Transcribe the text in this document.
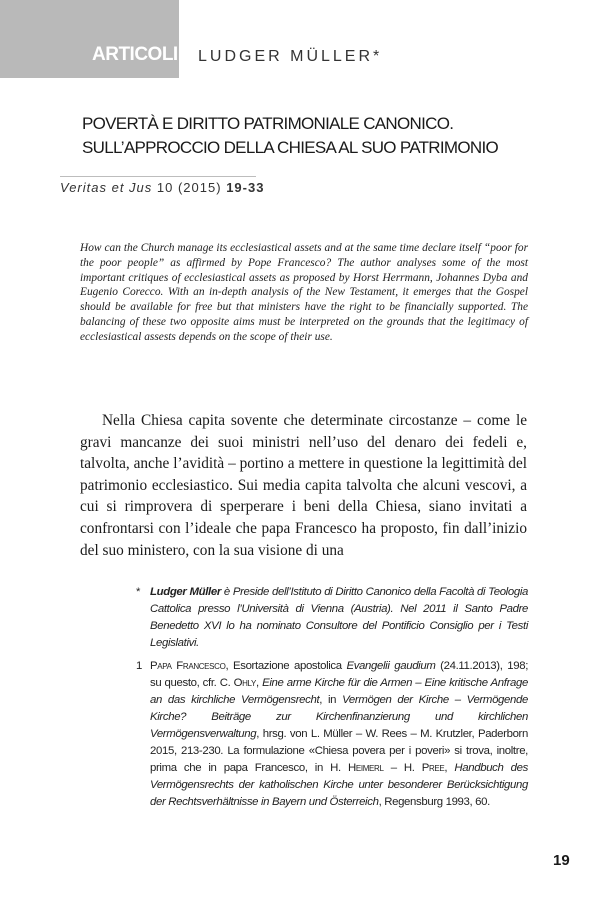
ARTICOLI LUDGER MÜLLER*
POVERTÀ E DIRITTO PATRIMONIALE CANONICO.
SULL’APPROCCIO DELLA CHIESA AL SUO PATRIMONIO
Veritas et Jus 10 (2015) 19-33
How can the Church manage its ecclesiastical assets and at the same time declare itself “poor for the poor people” as affirmed by Pope Francesco? The author analyses some of the most important critiques of ecclesiastical assets as proposed by Horst Herrmann, Johannes Dyba and Eugenio Corecco. With an in-depth analysis of the New Testament, it emerges that the Gospel should be available for free but that ministers have the right to be financially supported. The balancing of these two opposite aims must be interpreted on the grounds that the legitimacy of ecclesiastical assests depends on the scope of their use.
Nella Chiesa capita sovente che determinate circostanze – come le gravi mancanze dei suoi ministri nell’uso del denaro dei fedeli e, talvolta, anche l’avidità – portino a mettere in questione la legittimità del patrimonio ecclesiastico. Sui media capita talvolta che alcuni vescovi, a cui si rimprovera di sperperare i beni della Chiesa, siano invitati a confrontarsi con l’ideale che papa Francesco ha proposto, fin dall’inizio del suo ministero, con la sua visione di una
* Ludger Müller è Preside dell’Istituto di Diritto Canonico della Facoltà di Teologia Cattolica presso l’Università di Vienna (Austria). Nel 2011 il Santo Padre Benedetto XVI lo ha nominato Consultore del Pontificio Consiglio per i Testi Legislativi.
1 Papa Francesco, Esortazione apostolica Evangelii gaudium (24.11.2013), 198; su questo, cfr. C. Ohly, Eine arme Kirche für die Armen – Eine kritische Anfrage an das kirchliche Vermögensrecht, in Vermögen der Kirche – Vermögende Kirche? Beiträge zur Kirchenfinanzierung und kirchlichen Vermögensverwaltung, hrsg. von L. Müller – W. Rees – M. Krutzler, Paderborn 2015, 213-230. La formulazione «Chiesa povera per i poveri» si trova, inoltre, prima che in papa Francesco, in H. Heimerl – H. Pree, Handbuch des Vermögensrechts der katholischen Kirche unter besonderer Berücksichtigung der Rechtsverhältnisse in Bayern und Österreich, Regensburg 1993, 60.
19
